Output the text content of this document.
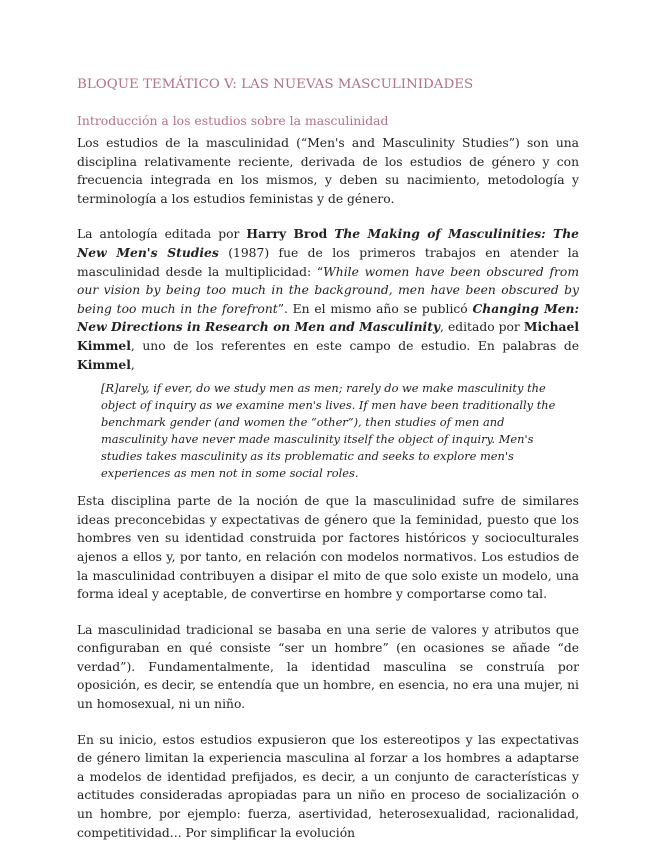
BLOQUE TEMÁTICO V: LAS NUEVAS MASCULINIDADES
Introducción a los estudios sobre la masculinidad

Los estudios de la masculinidad (“Men's and Masculinity Studies”) son una disciplina relativamente reciente, derivada de los estudios de género y con frecuencia integrada en los mismos, y deben su nacimiento, metodología y terminología a los estudios feministas y de género.

La antología editada por Harry Brod The Making of Masculinities: The New Men's Studies (1987) fue de los primeros trabajos en atender la masculinidad desde la multiplicidad: “While women have been obscured from our vision by being too much in the background, men have been obscured by being too much in the forefront”. En el mismo año se publicó Changing Men: New Directions in Research on Men and Masculinity, editado por Michael Kimmel, uno de los referentes en este campo de estudio. En palabras de Kimmel,

[R]arely, if ever, do we study men as men; rarely do we make masculinity the object of inquiry as we examine men's lives. If men have been traditionally the benchmark gender (and women the “other”), then studies of men and masculinity have never made masculinity itself the object of inquiry. Men's studies takes masculinity as its problematic and seeks to explore men's experiences as men not in some social roles.

Esta disciplina parte de la noción de que la masculinidad sufre de similares ideas preconcebidas y expectativas de género que la feminidad, puesto que los hombres ven su identidad construida por factores históricos y socioculturales ajenos a ellos y, por tanto, en relación con modelos normativos. Los estudios de la masculinidad contribuyen a disipar el mito de que solo existe un modelo, una forma ideal y aceptable, de convertirse en hombre y comportarse como tal.

La masculinidad tradicional se basaba en una serie de valores y atributos que configuraban en qué consiste “ser un hombre” (en ocasiones se añade “de verdad”). Fundamentalmente, la identidad masculina se construía por oposición, es decir, se entendía que un hombre, en esencia, no era una mujer, ni un homosexual, ni un niño.

En su inicio, estos estudios expusieron que los estereotipos y las expectativas de género limitan la experiencia masculina al forzar a los hombres a adaptarse a modelos de identidad prefijados, es decir, a un conjunto de características y actitudes consideradas apropiadas para un niño en proceso de socialización o un hombre, por ejemplo: fuerza, asertividad, heterosexualidad, racionalidad, competitividad... Por simplificar la evolución
